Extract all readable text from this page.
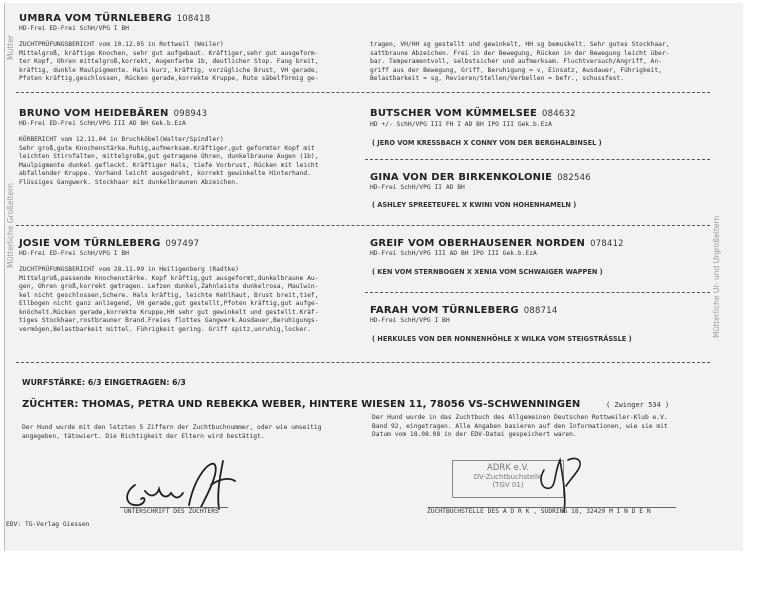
Mutter
Mütterliche Großeltern	Mütterliche Ur- und Urgroßeltern
UMBRA VOM TÜRNLEBERG 108418
HD-Frei ED-Frei SchH/VPG I BH
ZUCHTPRÜFUNGSBERICHT vom 10.12.05 in Rottweil (Weiler)
Mittelgroß, kräftige Knochen, sehr gut aufgebaut. Kräftiger,sehr gut ausgeform-
ter Kopf, Ohren mittelgroß,korrekt, Augenfarbe 1b, deutlicher Stop. Fang breit,
kräftig, dunkle Maulpigmente. Hals kurz, kräftig, vorzügliche Brust, VH gerade,
Pfoten kräftig,geschlossen, Rücken gerade,korrekte Kruppe, Rute säbelförmig ge-
tragen, VH/HH sg gestellt und gewinkelt, HH sg bemuskelt. Sehr gutes Stockhaar,
sattbraune Abzeichen. Frei in der Bewegung, Rücken in der Bewegung leicht über-
bar. Temperamentvoll, selbstsicher und aufmerksam. Fluchtversuch/Angriff, An-
griff aus der Bewegung, Griff, Beruhigung = v, Einsatz, Ausdauer, Führigkeit,
Belastbarkeit = sg, Revieren/Stellen/Verbellen = befr., schussfest.
BRUNO VOM HEIDEBÄREN 098943
HD-Frei ED-Frei SchH/VPG III AD BH Gek.b.EzA
KÖRBERICHT vom 12.11.04 in Bruchköbel(Walter/Spindler)
Sehr groß,gute Knochenstärke.Ruhig,aufmerksam.Kräftiger,gut geformter Kopf mit
leichten Stirnfalten, mittelgroße,gut getragene Ohren, dunkelbraune Augen (1b),
Maulpigmente dunkel gefleckt. Kräftiger Hals, tiefe Vorbrust, Rücken mit leicht
abfallender Kruppe. Vorhand leicht ausgedreht, korrekt gewinkelte Hinterhand.
Flüssiges Gangwerk. Stockhaar mit dunkelbraunen Abzeichen.
BUTSCHER VOM KÜMMELSEE 084632
HD +/- SchH/VPG III FH I AD BH IPO III Gek.b.EzA
( JERO VOM KRESSBACH X CONNY VON DER BERGHALBINSEL )
GINA VON DER BIRKENKOLONIE 082546
HD-Frei SchH/VPG II AD BH
( ASHLEY SPREETEUFEL X KWINI VON HOHENHAMELN )
JOSIE VOM TÜRNLEBERG 097497
HD-Frei ED-Frei SchH/VPG I BH
ZUCHTPRÜFUNGSBERICHT vom 28.11.99 in Heiligenberg (Radtke)
Mittelgroß,passende Knochenstärke. Kopf kräftig,gut ausgeformt,dunkelbraune Au-
gen, Ohren groß,korrekt getragen. Lefzen dunkel,Zahnleiste dunkelrosa, Maulwin-
kel nicht geschlossen,Schere. Hals kräftig, leichte Kehlhaut, Brust breit,tief,
Ellbogen nicht ganz anliegend, VH gerade,gut gestellt,Pfoten kräftig,gut aufge-
knöchelt.Rücken gerade,korrekte Kruppe,HH sehr gut gewinkelt und gestellt.Kräf-
tiges Stockhaar,rostbrauner Brand.Freies flottes Gangwerk.Ausdauer,Beruhigungs-
vermögen,Belastbarkeit mittel. Führigkeit gering. Griff spitz,unruhig,locker.
GREIF VOM OBERHAUSENER NORDEN 078412
HD-Frei SchH/VPG III AD BH IPO III Gek.b.EzA
( KEN VOM STERNBOGEN X XENIA VOM SCHWAIGER WAPPEN )
FARAH VOM TÜRNLEBERG 088714
HD-Frei SchH/VPG I BH
( HERKULES VON DER NONNENHÖHLE X WILKA VOM STEIGSTRÄSSLE )
WURFSTÄRKE: 6/3 EINGETRAGEN: 6/3
ZÜCHTER: THOMAS, PETRA UND REBEKKA WEBER, HINTERE WIESEN 11, 78056 VS-SCHWENNINGEN	( Zwinger 534 )
Der Hund wurde mit den letzten 5 Ziffern der Zuchtbuchnummer, oder wie umseitig
angegeben, tätowiert. Die Richtigkeit der Eltern wird bestätigt.
Der Hund wurde in das Zuchtbuch des Allgemeinen Deutschen Rottweiler-Klub e.V.
Band 92, eingetragen. Alle Angaben basieren auf den Informationen, wie sie mit
Datum vom 18.08.08 in der EDV-Datei gespeichert waren.
ADRK e.V.
DV-Zuchtbuchstelle
(TGV 01)
UNTERSCHRIFT DES ZÜCHTERS	ZUCHTBUCHSTELLE DES A D R K , SÜDRING 18, 32429 M I N D E N
EDV: TG-Verlag Giessen
